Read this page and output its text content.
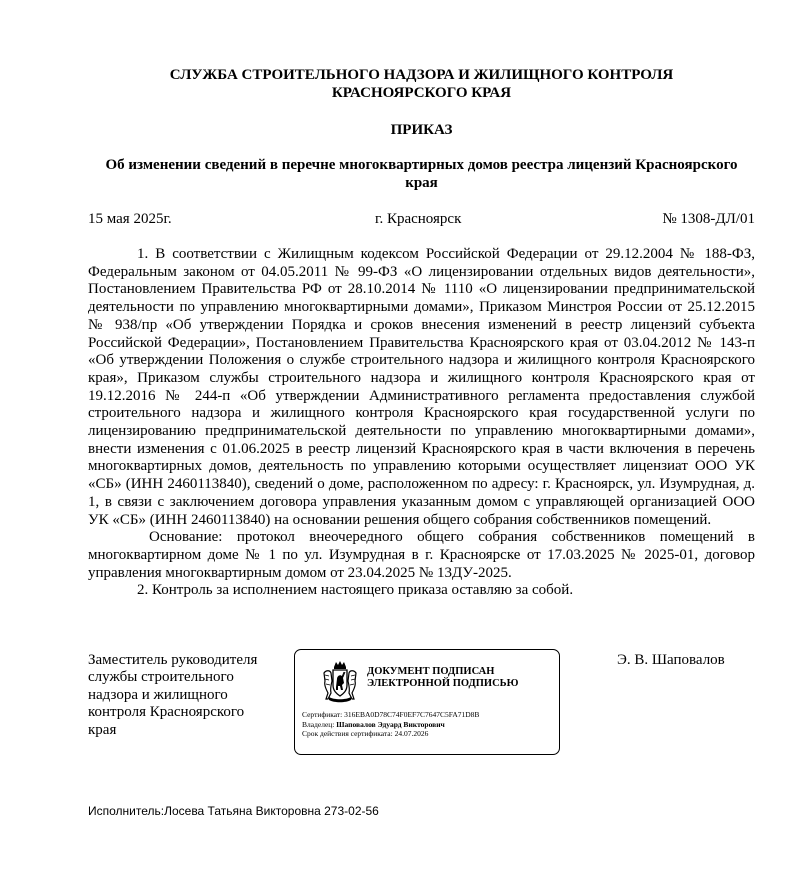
СЛУЖБА СТРОИТЕЛЬНОГО НАДЗОРА И ЖИЛИЩНОГО КОНТРОЛЯ
КРАСНОЯРСКОГО КРАЯ
ПРИКАЗ
Об изменении сведений в перечне многоквартирных домов реестра лицензий Красноярского края
15 мая 2025г.	г. Красноярск	№ 1308-ДЛ/01

1. В соответствии с Жилищным кодексом Российской Федерации от 29.12.2004 № 188-ФЗ, Федеральным законом от 04.05.2011 № 99-ФЗ «О лицензировании отдельных видов деятельности», Постановлением Правительства РФ от 28.10.2014 № 1110 «О лицензировании предпринимательской деятельности по управлению многоквартирными домами», Приказом Минстроя России от 25.12.2015 № 938/пр «Об утверждении Порядка и сроков внесения изменений в реестр лицензий субъекта Российской Федерации», Постановлением Правительства Красноярского края от 03.04.2012 № 143-п «Об утверждении Положения о службе строительного надзора и жилищного контроля Красноярского края», Приказом службы строительного надзора и жилищного контроля Красноярского края от 19.12.2016 № 244-п «Об утверждении Административного регламента предоставления службой строительного надзора и жилищного контроля Красноярского края государственной услуги по лицензированию предпринимательской деятельности по управлению многоквартирными домами», внести изменения с 01.06.2025 в реестр лицензий Красноярского края в части включения в перечень многоквартирных домов, деятельность по управлению которыми осуществляет лицензиат ООО УК «СБ» (ИНН 2460113840), сведений о доме, расположенном по адресу: г. Красноярск, ул. Изумрудная, д. 1, в связи с заключением договора управления указанным домом с управляющей организацией ООО УК «СБ» (ИНН 2460113840) на основании решения общего собрания собственников помещений.

Основание: протокол внеочередного общего собрания собственников помещений в многоквартирном доме № 1 по ул. Изумрудная в г. Красноярске от 17.03.2025 № 2025-01, договор управления многоквартирным домом от 23.04.2025 № 13ДУ-2025.

2. Контроль за исполнением настоящего приказа оставляю за собой.

Заместитель руководителя
службы строительного
надзора и жилищного
контроля Красноярского
края
ДОКУМЕНТ ПОДПИСАН
ЭЛЕКТРОННОЙ ПОДПИСЬЮ
Сертификат: 316EBA0D78C74F0EF7C7647C5FA71D8B
Владелец: Шаповалов Эдуард Викторович
Срок действия сертификата: 24.07.2026
Э. В. Шаповалов
Исполнитель:Лосева Татьяна Викторовна 273-02-56
